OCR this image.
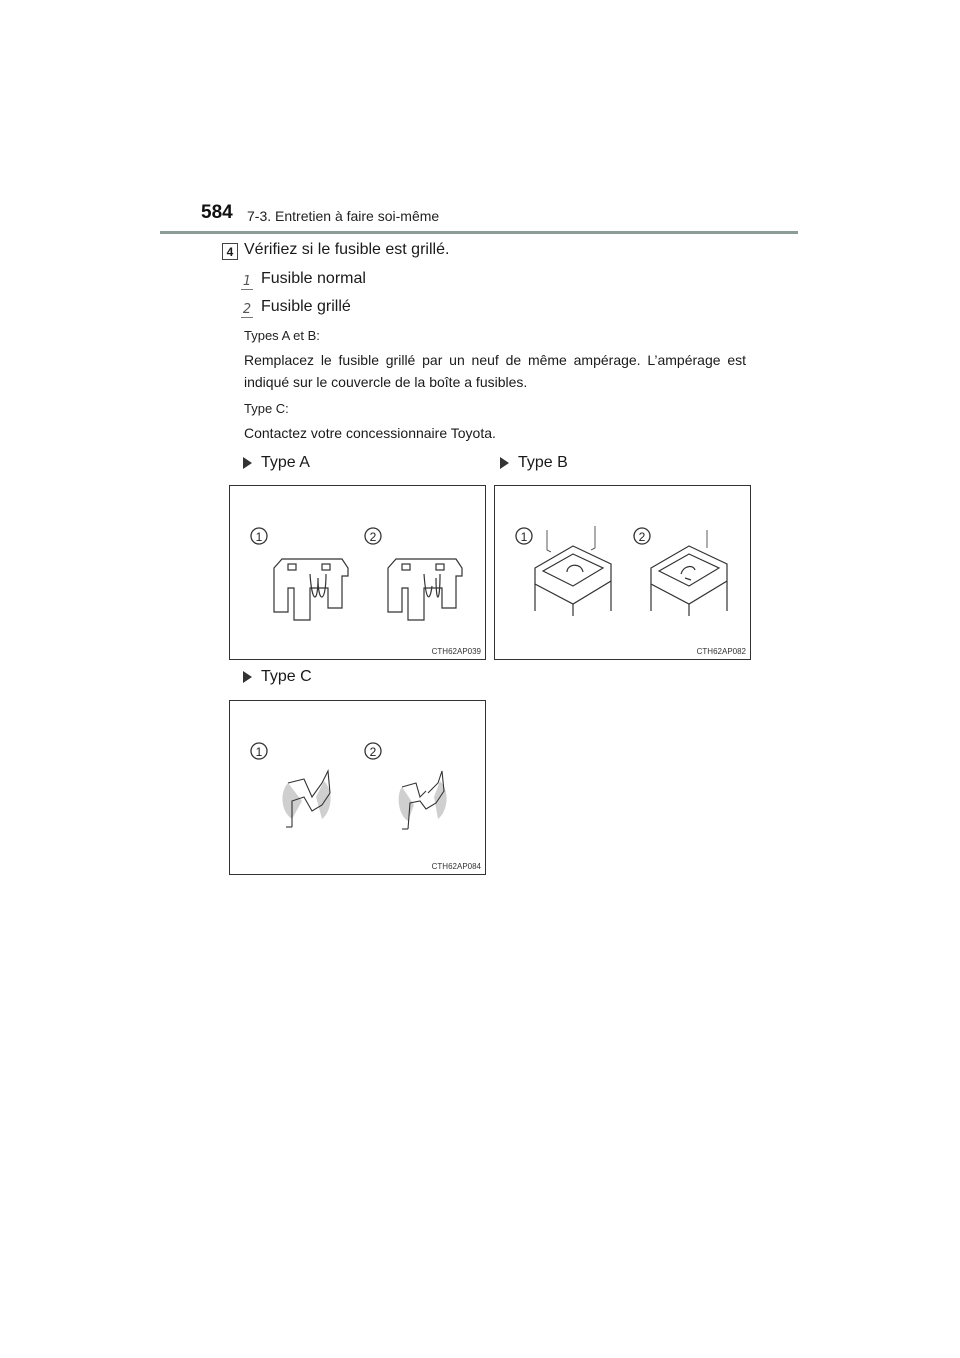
584 7-3. Entretien à faire soi-même
4 Vérifiez si le fusible est grillé.
1 Fusible normal
2 Fusible grillé
Types A et B:
Remplacez le fusible grillé par un neuf de même ampérage. L’ampérage est indiqué sur le couvercle de la boîte a fusibles.
Type C:
Contactez votre concessionnaire Toyota.
Type A	Type B
1	2
CTH62AP039
1	2
CTH62AP082
Type C
1	2
CTH62AP084
